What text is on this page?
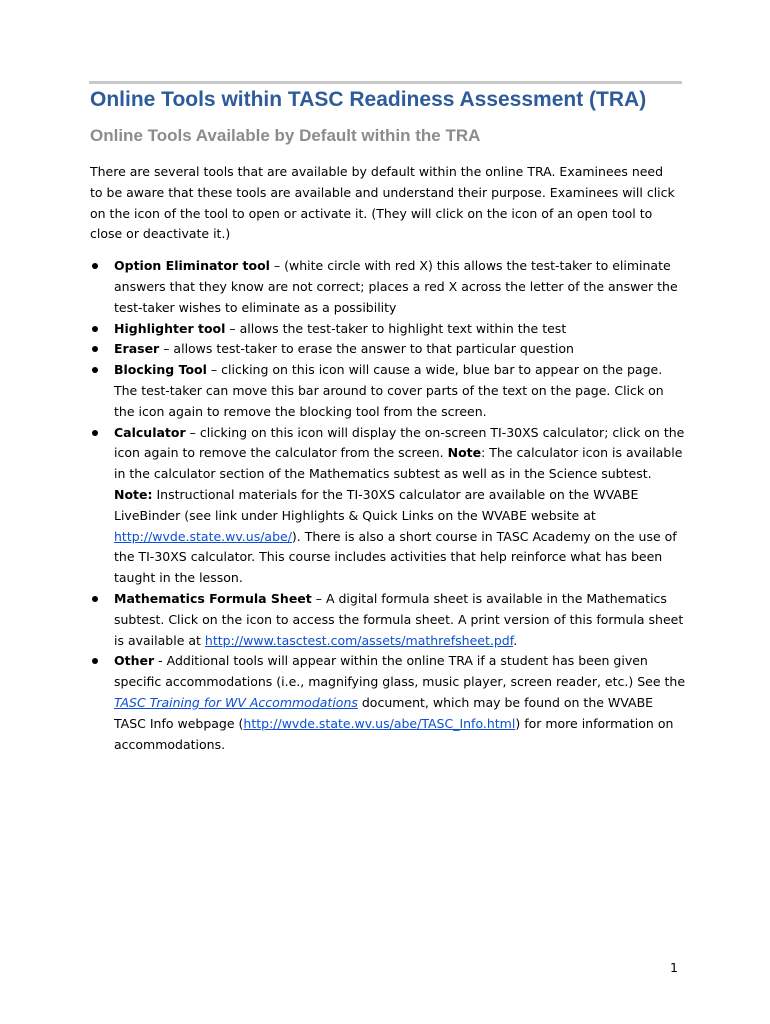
Online Tools within TASC Readiness Assessment (TRA)
Online Tools Available by Default within the TRA

There are several tools that are available by default within the online TRA. Examinees need to be aware that these tools are available and understand their purpose. Examinees will click on the icon of the tool to open or activate it. (They will click on the icon of an open tool to close or deactivate it.)

Option Eliminator tool – (white circle with red X) this allows the test-taker to eliminate answers that they know are not correct; places a red X across the letter of the answer the test-taker wishes to eliminate as a possibility
Highlighter tool – allows the test-taker to highlight text within the test
Eraser – allows test-taker to erase the answer to that particular question
Blocking Tool – clicking on this icon will cause a wide, blue bar to appear on the page. The test-taker can move this bar around to cover parts of the text on the page. Click on the icon again to remove the blocking tool from the screen.
Calculator – clicking on this icon will display the on-screen TI-30XS calculator; click on the icon again to remove the calculator from the screen. Note: The calculator icon is available in the calculator section of the Mathematics subtest as well as in the Science subtest.
Note: Instructional materials for the TI-30XS calculator are available on the WVABE LiveBinder (see link under Highlights & Quick Links on the WVABE website at http://wvde.state.wv.us/abe/). There is also a short course in TASC Academy on the use of the TI-30XS calculator. This course includes activities that help reinforce what has been taught in the lesson.
Mathematics Formula Sheet – A digital formula sheet is available in the Mathematics subtest. Click on the icon to access the formula sheet. A print version of this formula sheet is available at http://www.tasctest.com/assets/mathrefsheet.pdf.
Other - Additional tools will appear within the online TRA if a student has been given specific accommodations (i.e., magnifying glass, music player, screen reader, etc.) See the TASC Training for WV Accommodations document, which may be found on the WVABE TASC Info webpage (http://wvde.state.wv.us/abe/TASC_Info.html) for more information on accommodations.
1
